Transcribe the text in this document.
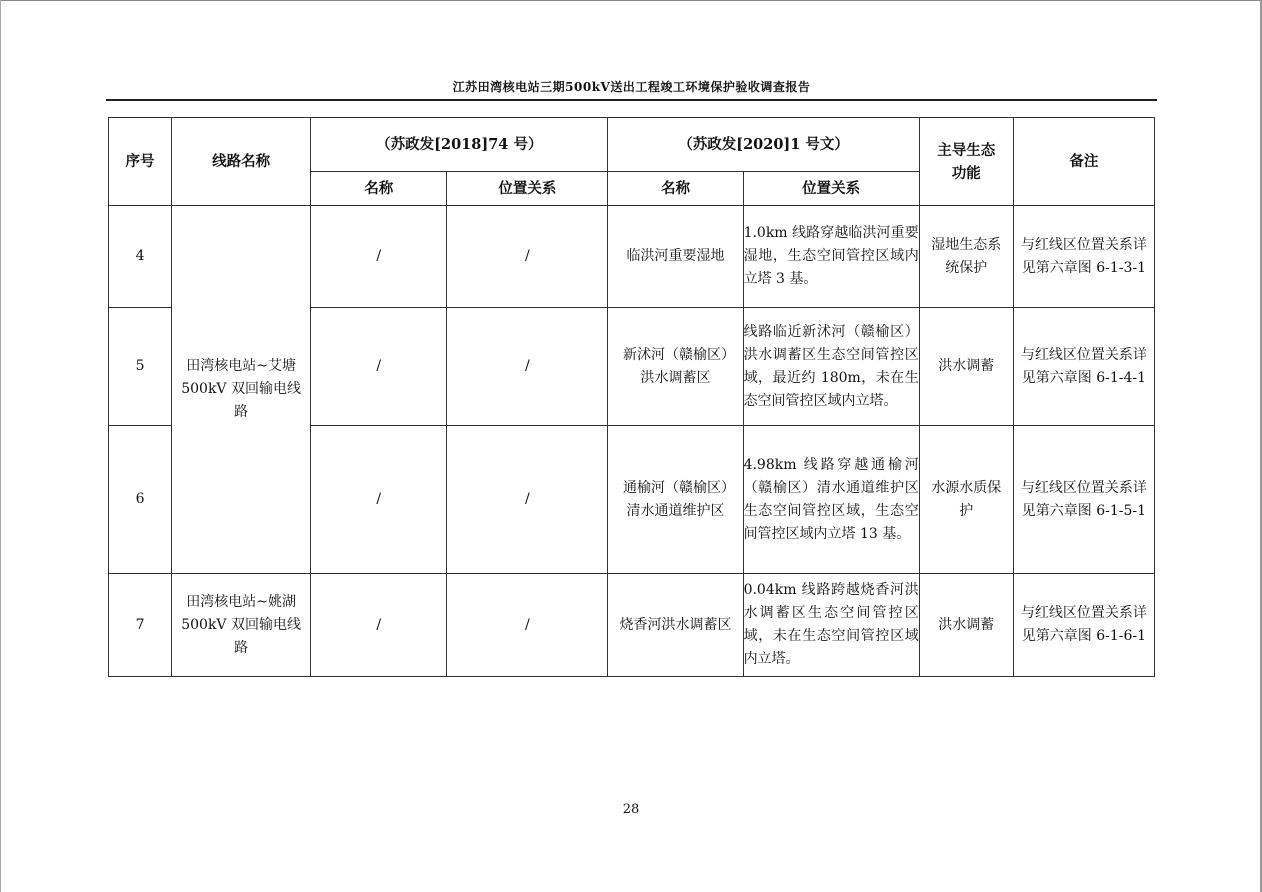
江苏田湾核电站三期500kV送出工程竣工环境保护验收调查报告
序号	线路名称	（苏政发[2018]74 号）		（苏政发[2020]1 号文）		主导生态功能	备注
		名称	位置关系	名称	位置关系		
4	田湾核电站~艾塘500kV 双回输电线路	/	/	临洪河重要湿地	1.0km 线路穿越临洪河重要湿地，生态空间管控区域内立塔 3 基。	湿地生态系统保护	与红线区位置关系详见第六章图 6-1-3-1

5		/	/	新沭河（赣榆区）洪水调蓄区	线路临近新沭河（赣榆区）洪水调蓄区生态空间管控区域，最近约 180m，未在生态空间管控区域内立塔。	洪水调蓄	与红线区位置关系详见第六章图 6-1-4-1

6		/	/	通榆河（赣榆区）清水通道维护区	4.98km 线路穿越通榆河（赣榆区）清水通道维护区生态空间管控区域，生态空间管控区域内立塔 13 基。	水源水质保护	与红线区位置关系详见第六章图 6-1-5-1

7	田湾核电站~姚湖500kV 双回输电线路	/	/	烧香河洪水调蓄区	0.04km 线路跨越烧香河洪水调蓄区生态空间管控区域，未在生态空间管控区域内立塔。	洪水调蓄	与红线区位置关系详见第六章图 6-1-6-1
28
